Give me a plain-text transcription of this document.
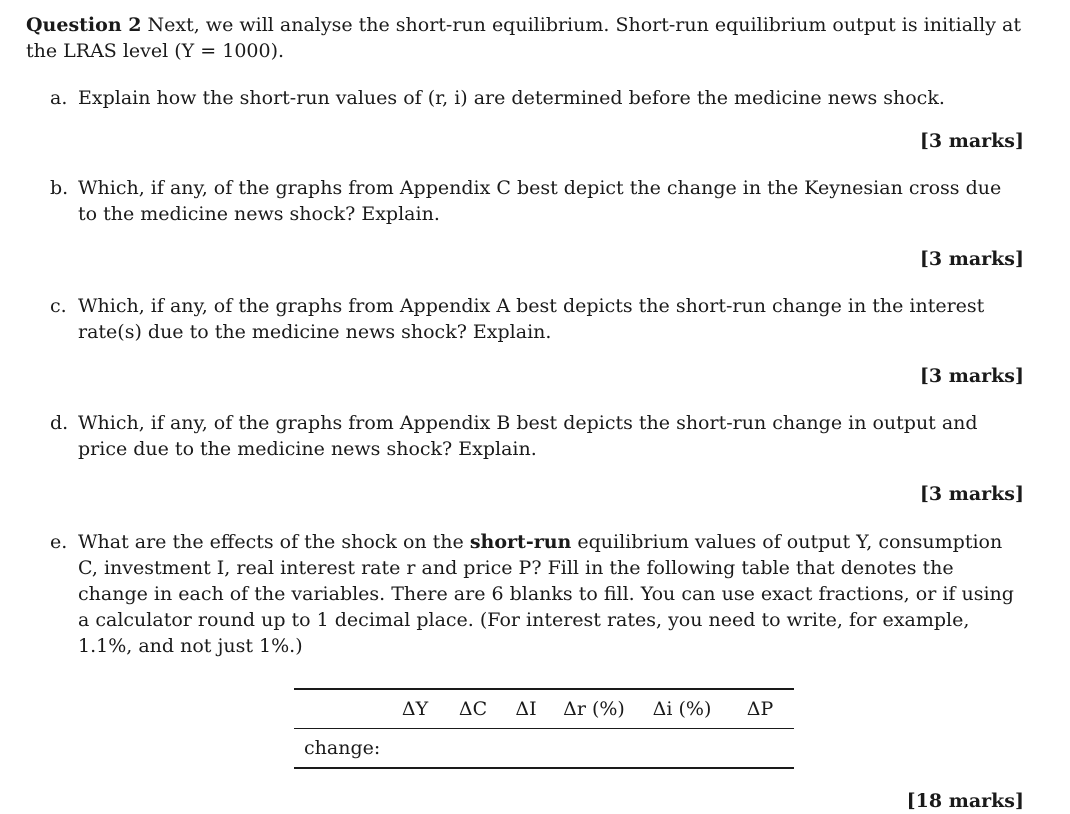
Question 2 Next, we will analyse the short-run equilibrium. Short-run equilibrium output is initially at the LRAS level (Y = 1000).
a. Explain how the short-run values of (r, i) are determined before the medicine news shock.
[3 marks]
b. Which, if any, of the graphs from Appendix C best depict the change in the Keynesian cross due to the medicine news shock? Explain.
[3 marks]
c. Which, if any, of the graphs from Appendix A best depicts the short-run change in the interest rate(s) due to the medicine news shock? Explain.
[3 marks]
d. Which, if any, of the graphs from Appendix B best depicts the short-run change in output and price due to the medicine news shock? Explain.
[3 marks]
e. What are the effects of the shock on the short-run equilibrium values of output Y, consumption C, investment I, real interest rate r and price P? Fill in the following table that denotes the change in each of the variables. There are 6 blanks to fill. You can use exact fractions, or if using a calculator round up to 1 decimal place. (For interest rates, you need to write, for example, 1.1%, and not just 1%.)
	ΔY	ΔC	ΔI	Δr (%)	Δi (%)	ΔP
change:						
[18 marks]
